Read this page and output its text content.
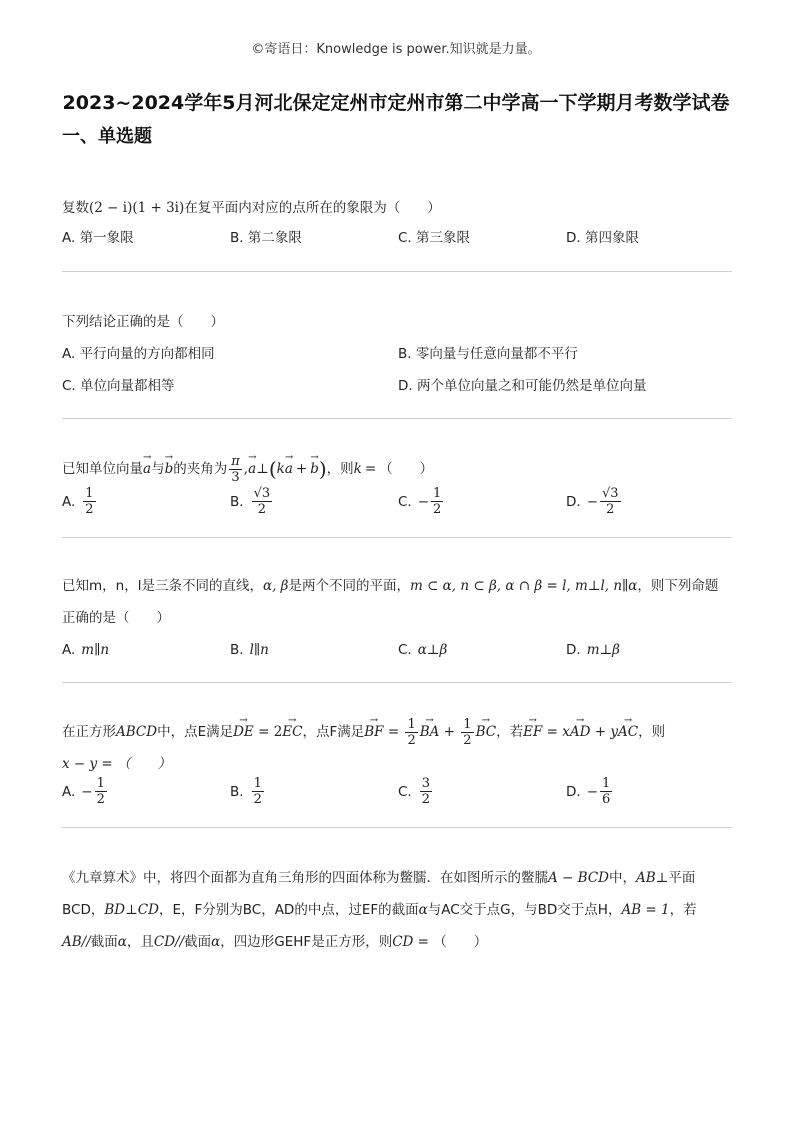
©寄语日：Knowledge is power.知识就是力量。
2023~2024学年5月河北保定定州市定州市第二中学高一下学期月考数学试卷
一、单选题
复数(2 − i)(1 + 3i)在复平面内对应的点所在的象限为（　　）
A. 第一象限	B. 第二象限	C. 第三象限	D. 第四象限
下列结论正确的是（　　）
A. 平行向量的方向都相同	B. 零向量与任意向量都不平行
C. 单位向量都相等	D. 两个单位向量之和可能仍然是单位向量
已知单位向量 → a 与 → b 的夹角为 $\frac{\pi}{3}$ , → a ⊥ ( k → a + → b ) ，则 k = （　　）
A. $\frac{1}{2}$	B. $\frac{√3}{2}$	C. − $\frac{1}{2}$	D. − $\frac{√3}{2}$
已知m，n，l是三条不同的直线，α, β是两个不同的平面，m ⊂ α, n ⊂ β, α ∩ β = l, m⊥l, n∥α，则下列命题
正确的是（　　）
A. m∥n	B. l∥n	C. α⊥β	D. m⊥β
在正方形 ABCD 中，点E满足 → DE = 2 → EC ，点F满足 → BF = $\frac{1}{2}$ → BA + $\frac{1}{2}$ → BC ，若 → EF = x → AD + y → AC ，则
x − y = （　　）
A. − $\frac{1}{2}$	B. $\frac{1}{2}$	C. $\frac{3}{2}$	D. − $\frac{1}{6}$
《九章算术》中，将四个面都为直角三角形的四面体称为鳖臑．在如图所示的鳖臑A − BCD中，AB⊥平面
BCD，BD⊥CD，E，F分别为BC，AD的中点，过EF的截面α与AC交于点G，与BD交于点H，AB = 1，若
AB//截面α，且CD//截面α，四边形GEHF是正方形，则CD = （　　）
